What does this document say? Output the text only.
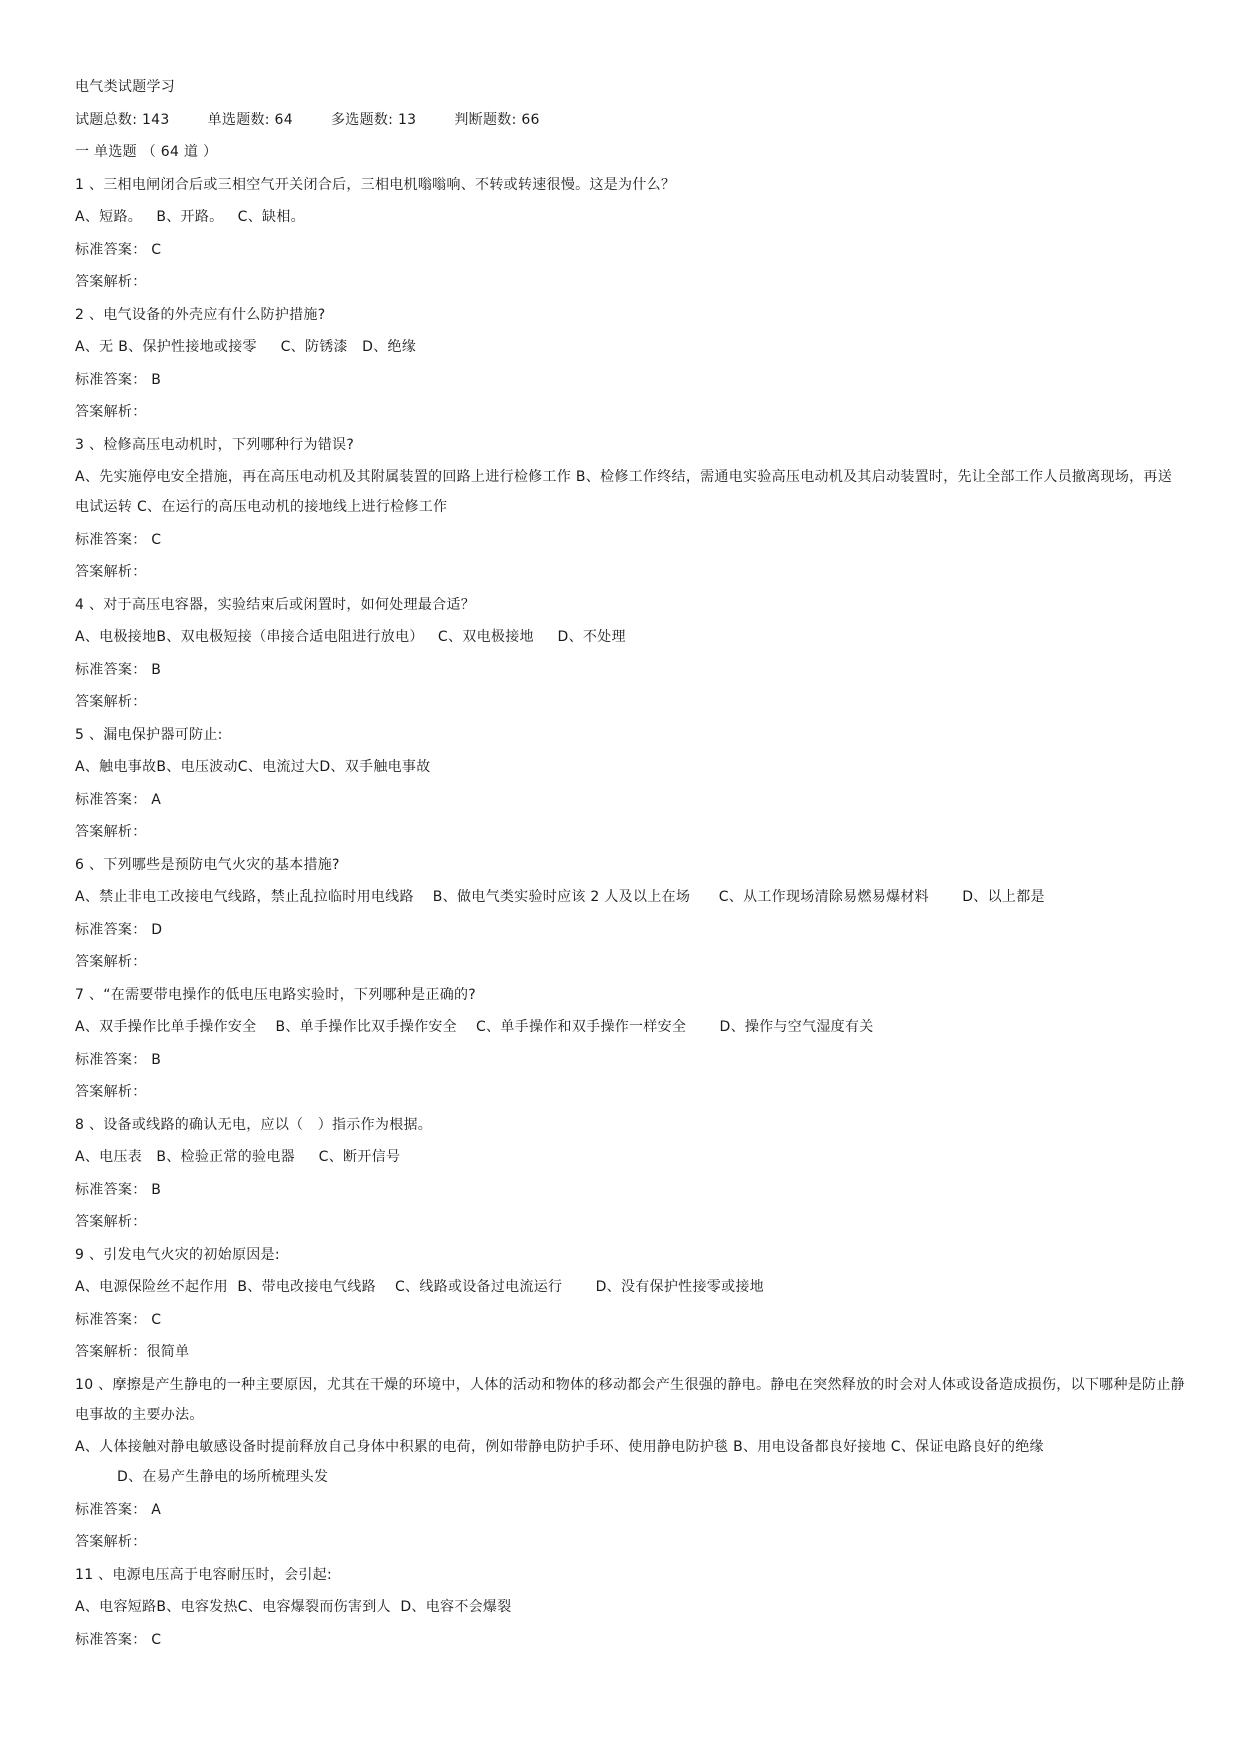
电气类试题学习
试题总数: 143	单选题数: 64	多选题数: 13	判断题数: 66
一 单选题 （ 64 道 ）
1 、三相电闸闭合后或三相空气开关闭合后，三相电机嗡嗡响、不转或转速很慢。这是为什么？
A、短路。   B、开路。   C、缺相。
标准答案： C
答案解析：
2 、电气设备的外壳应有什么防护措施?
A、无 B、保护性接地或接零     C、防锈漆   D、绝缘
标准答案： B
答案解析：
3 、检修高压电动机时，下列哪种行为错误?
A、先实施停电安全措施，再在高压电动机及其附属装置的回路上进行检修工作 B、检修工作终结，需通电实验高压电动机及其启动装置时，先让全部工作人员撤离现场，再送电试运转 C、在运行的高压电动机的接地线上进行检修工作
标准答案： C
答案解析：
4 、对于高压电容器，实验结束后或闲置时，如何处理最合适？
A、电极接地B、双电极短接（串接合适电阻进行放电）   C、双电极接地     D、不处理
标准答案： B
答案解析：
5 、漏电保护器可防止:
A、触电事故B、电压波动C、电流过大D、双手触电事故
标准答案： A
答案解析：
6 、下列哪些是预防电气火灾的基本措施?
A、禁止非电工改接电气线路，禁止乱拉临时用电线路    B、做电气类实验时应该 2 人及以上在场      C、从工作现场清除易燃易爆材料       D、以上都是
标准答案： D
答案解析：
7 、“在需要带电操作的低电压电路实验时，下列哪种是正确的?
A、双手操作比单手操作安全    B、单手操作比双手操作安全    C、单手操作和双手操作一样安全       D、操作与空气湿度有关
标准答案： B
答案解析：
8 、设备或线路的确认无电，应以（   ）指示作为根据。
A、电压表   B、检验正常的验电器     C、断开信号
标准答案： B
答案解析：
9 、引发电气火灾的初始原因是:
A、电源保险丝不起作用  B、带电改接电气线路    C、线路或设备过电流运行       D、没有保护性接零或接地
标准答案： C
答案解析：很简单
10 、摩擦是产生静电的一种主要原因，尤其在干燥的环境中，人体的活动和物体的移动都会产生很强的静电。静电在突然释放的时会对人体或设备造成损伤，以下哪种是防止静电事故的主要办法。
A、人体接触对静电敏感设备时提前释放自己身体中积累的电荷，例如带静电防护手环、使用静电防护毯 B、用电设备都良好接地 C、保证电路良好的绝缘
D、在易产生静电的场所梳理头发
标准答案： A
答案解析：
11 、电源电压高于电容耐压时，会引起:
A、电容短路B、电容发热C、电容爆裂而伤害到人  D、电容不会爆裂
标准答案： C
